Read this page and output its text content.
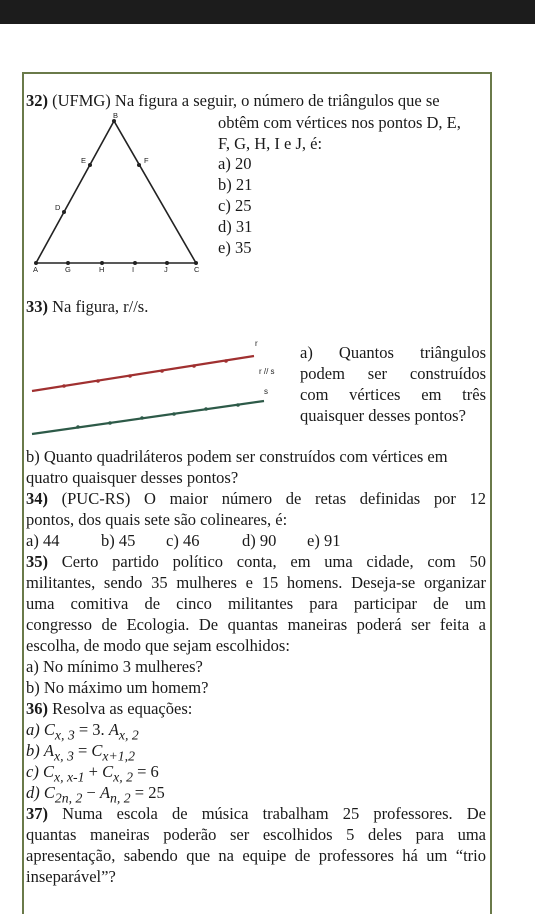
32) (UFMG) Na figura a seguir, o número de triângulos que se
obtêm com vértices nos pontos D, E,
F, G, H, I e J, é:
a) 20
b) 21
c) 25
d) 31
e) 35
B
E	F
D
A	G	H	I	J	C
33) Na figura, r//s.
r
r // s
s
a) Quantos triângulos
podem ser construídos
com vértices em três
quaisquer desses pontos?
b) Quanto quadriláteros podem ser construídos com vértices em
quatro quaisquer desses pontos?
34) (PUC-RS) O maior número de retas definidas por 12
pontos, dos quais sete são colineares, é:
a) 44	b) 45 c) 46	d) 90 e) 91
35) Certo partido político conta, em uma cidade, com 50
militantes, sendo 35 mulheres e 15 homens. Deseja-se organizar
uma comitiva de cinco militantes para participar de um
congresso de Ecologia. De quantas maneiras poderá ser feita a
escolha, de modo que sejam escolhidos:
a) No mínimo 3 mulheres?
b) No máximo um homem?
36) Resolva as equações:
a) $C_{x, 3} = 3$. $A_{x, 2}$
b) $A_{x, 3} = C_{x+1,2}$
c) $C_{x, x-1} + C_{x, 2} = 6$
d) $C_{2n, 2} - A_{n, 2} = 25$
37) Numa escola de música trabalham 25 professores. De
quantas maneiras poderão ser escolhidos 5 deles para uma
apresentação, sabendo que na equipe de professores há um “trio
inseparável”?
